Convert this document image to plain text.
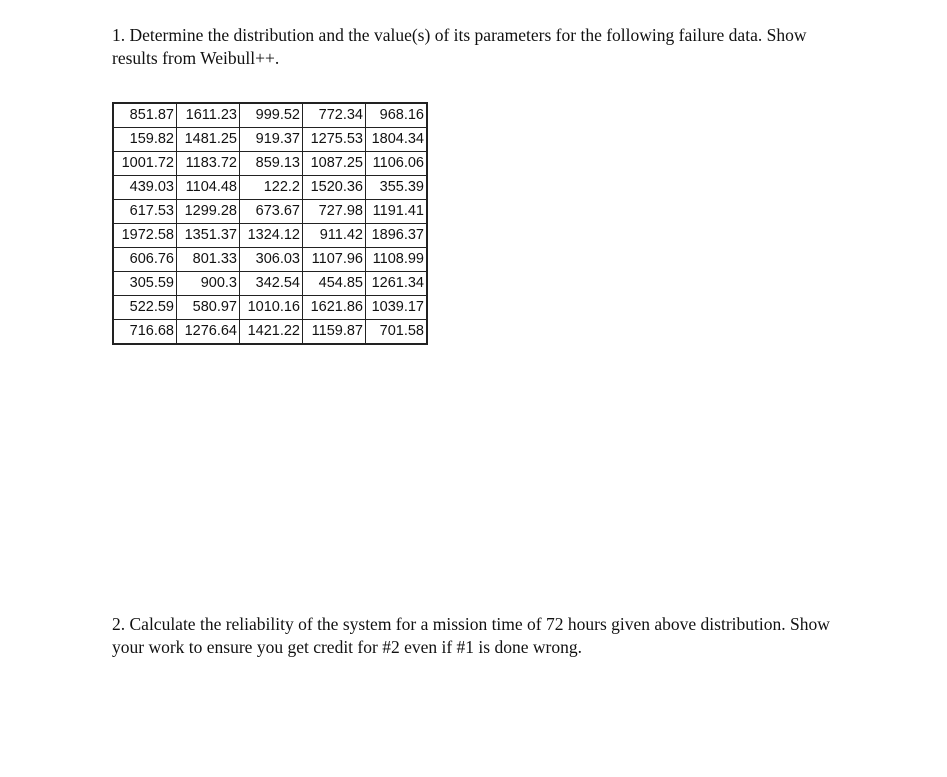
1. Determine the distribution and the value(s) of its parameters for the following failure data. Show results from Weibull++.

851.87	1611.23	999.52	772.34	968.16
159.82	1481.25	919.37	1275.53	1804.34
1001.72	1183.72	859.13	1087.25	1106.06
439.03	1104.48	122.2	1520.36	355.39
617.53	1299.28	673.67	727.98	1191.41
1972.58	1351.37	1324.12	911.42	1896.37
606.76	801.33	306.03	1107.96	1108.99
305.59	900.3	342.54	454.85	1261.34
522.59	580.97	1010.16	1621.86	1039.17
716.68	1276.64	1421.22	1159.87	701.58

2. Calculate the reliability of the system for a mission time of 72 hours given above distribution. Show your work to ensure you get credit for #2 even if #1 is done wrong.
